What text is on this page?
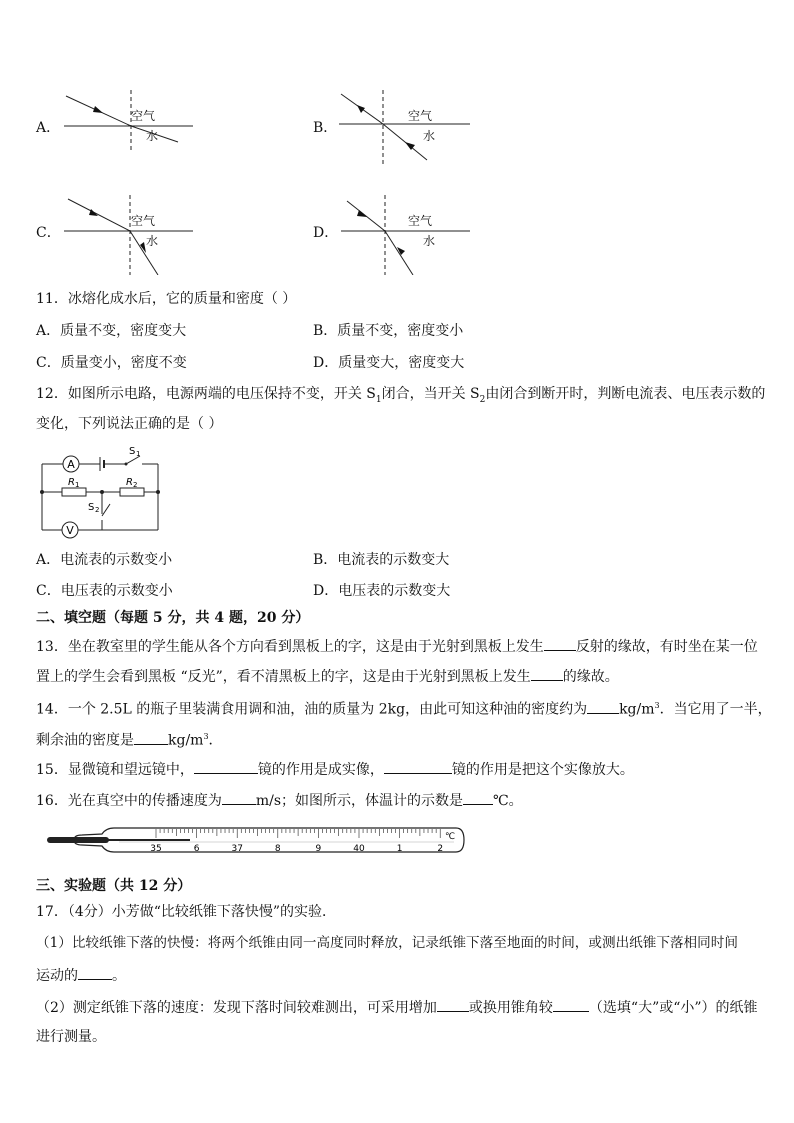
A．
空气
水	B．
空气
水
C．
空气
水	D．
空气
水
11．冰熔化成水后，它的质量和密度（ ）
A．质量不变，密度变大	B．质量不变，密度变小
C．质量变小，密度不变	D．质量变大，密度变大
12．如图所示电路，电源两端的电压保持不变，开关 $S_1$闭合，当开关 $S_2$由闭合到断开时，判断电流表、电压表示数的
变化，下列说法正确的是（ ）
A
V
S 1
S 2
R 1	R 2
A．电流表的示数变小	B．电流表的示数变大
C．电压表的示数变小	D．电压表的示数变大
二、填空题（每题 5 分，共 4 题，20 分）
13．坐在教室里的学生能从各个方向看到黑板上的字，这是由于光射到黑板上发生 反射的缘故，有时坐在某一位
置上的学生会看到黑板 “反光”，看不清黑板上的字，这是由于光射到黑板上发生 的缘故。
14．一个 2.5L 的瓶子里装满食用调和油，油的质量为 2kg，由此可知这种油的密度约为 $kg/m^3$．当它用了一半，
剩余油的密度是 $kg/m^3$．
15．显微镜和望远镜中，	镜的作用是成实像，	镜的作用是把这个实像放大。
16．光在真空中的传播速度为 m/s；如图所示，体温计的示数是 ℃。
35	6	37	8	9	40	1	2
℃
三、实验题（共 12 分）
17．（4分）小芳做“比较纸锥下落快慢”的实验．
（1）比较纸锥下落的快慢：将两个纸锥由同一高度同时释放，记录纸锥下落至地面的时间，或测出纸锥下落相同时间
运动的 。
（2）测定纸锥下落的速度：发现下落时间较难测出，可采用增加 或换用锥角较	（选填“大”或“小”）的纸锥
进行测量。
